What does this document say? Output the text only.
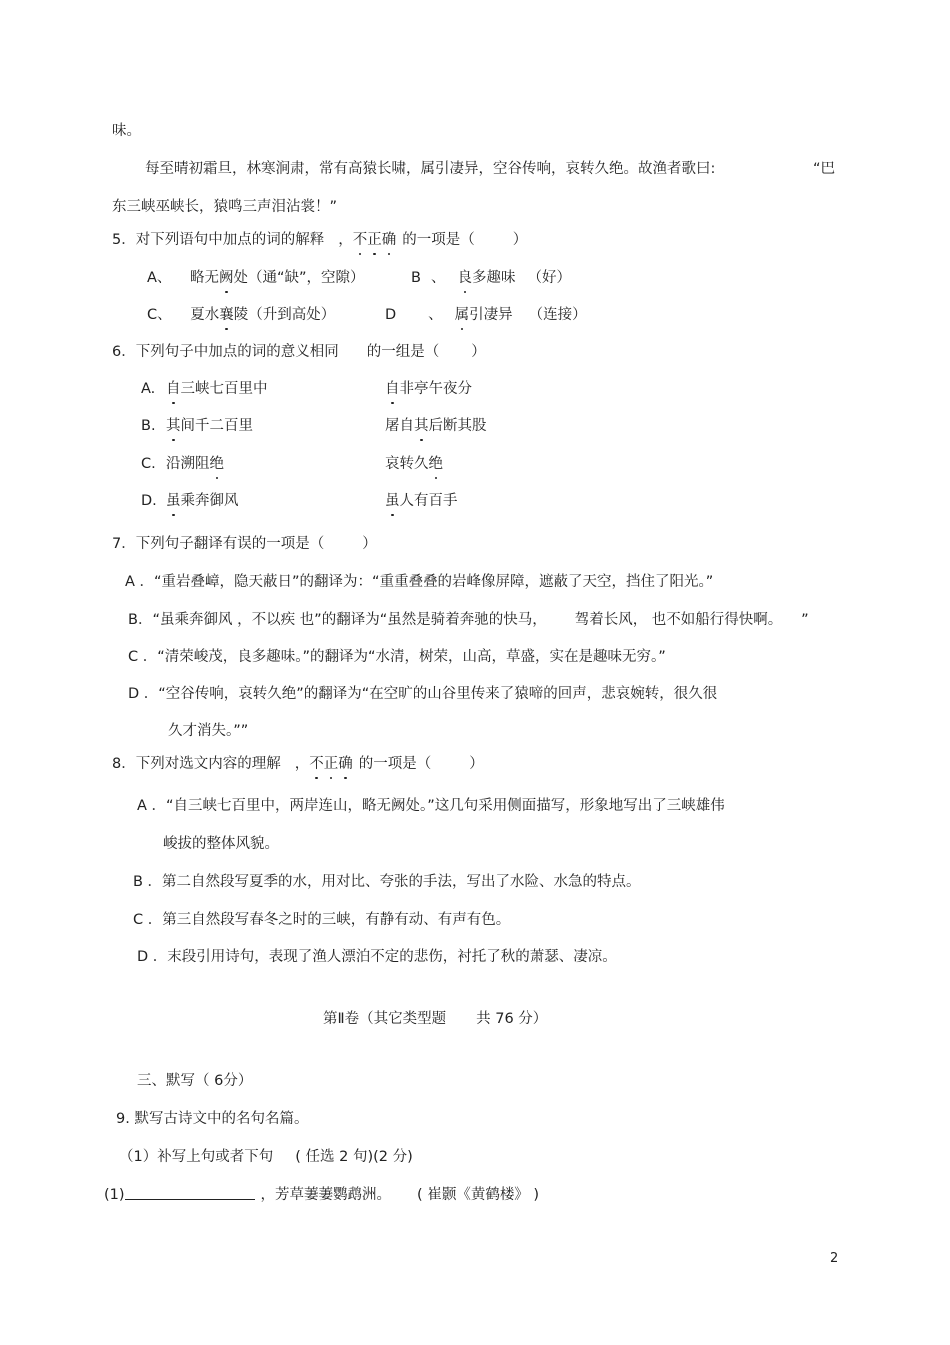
味。
每至晴初霜旦，林寒涧肃，常有高猿长啸，属引凄异，空谷传响，哀转久绝。故渔者歌曰:	“巴
东三峡巫峡长，猿鸣三声泪沾裳！”
5．对下列语句中加点的词的解释 ，不正确 的一项是（	）
A、 略无阙处（通“缺”，空隙）	B 、 良多趣味 （好）
C、 夏水襄陵（升到高处）	D 、 属引凄异 （连接）
6．下列句子中加点的词的意义相同 的一组是（ ）
A. 自三峡七百里中	自非亭午夜分
B. 其间千二百里	屠自其后断其股
C. 沿溯阻绝	哀转久绝
D. 虽乘奔御风	虽人有百手
7．下列句子翻译有误的一项是（	）
A ．“重岩叠嶂，隐天蔽日”的翻译为：“重重叠叠的岩峰像屏障，遮蔽了天空，挡住了阳光。”
B．“虽乘奔御风 ，不以疾 也”的翻译为“虽然是骑着奔驰的快马， 驾着长风， 也不如船行得快啊。 ”
C ．“清荣峻茂，良多趣味。”的翻译为“水清，树荣，山高，草盛，实在是趣味无穷。”
D ．“空谷传响，哀转久绝”的翻译为“在空旷的山谷里传来了猿啼的回声，悲哀婉转，很久很
久才消失。””
8．下列对选文内容的理解 ，不正确 的一项是（	）
A ．“自三峡七百里中，两岸连山，略无阙处。”这几句采用侧面描写，形象地写出了三峡雄伟
峻拔的整体风貌。
B ．第二自然段写夏季的水，用对比、夸张的手法，写出了水险、水急的特点。
C ．第三自然段写春冬之时的三峡，有静有动、有声有色。
D ．末段引用诗句，表现了渔人漂泊不定的悲伤，衬托了秋的萧瑟、凄凉。
第Ⅱ卷（其它类型题 共 76 分）
三、默写（ 6分）
9. 默写古诗文中的名句名篇。
（1）补写上句或者下句 ( 任选 2 句)(2 分)
(1)	，芳草萋萋鹦鹉洲。 ( 崔颢《黄鹤楼》 )
2
